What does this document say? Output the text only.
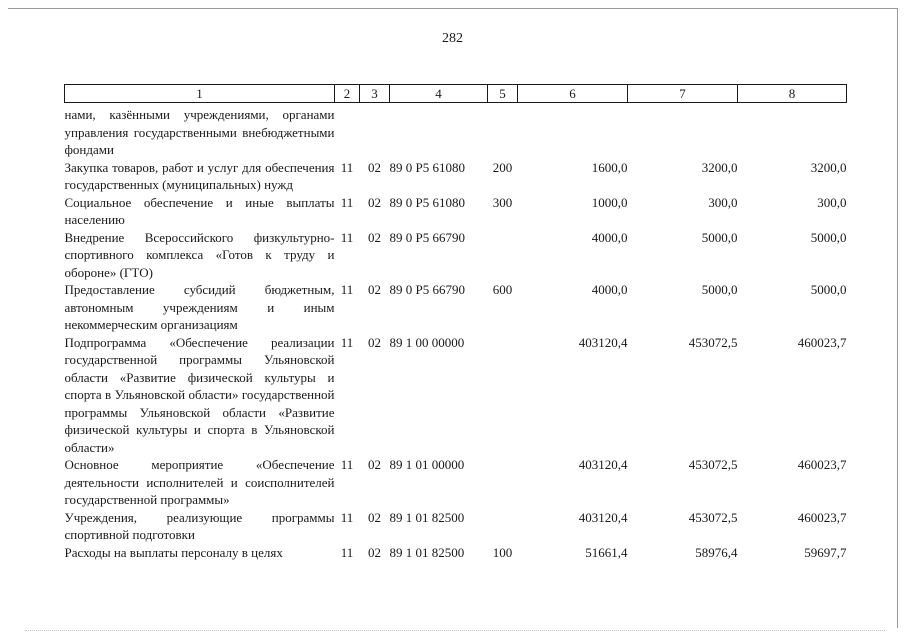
282
1	2	3	4	5	6	7	8

нами, казёнными учреждениями, органами управления государственными внебюджетными фондами							
Закупка товаров, работ и услуг для обеспечения государственных (муниципальных) нужд	11	02	89 0 P5 61080	200	1600,0	3200,0	3200,0
Социальное обеспечение и иные выплаты населению	11	02	89 0 P5 61080	300	1000,0	300,0	300,0
Внедрение Всероссийского физкультурно-спортивного комплекса «Готов к труду и обороне» (ГТО)	11	02	89 0 P5 66790		4000,0	5000,0	5000,0
Предоставление субсидий бюджетным, автономным учреждениям и иным некоммерческим организациям	11	02	89 0 P5 66790	600	4000,0	5000,0	5000,0
Подпрограмма «Обеспечение реализации государственной программы Ульяновской области «Развитие физической культуры и спорта в Ульяновской области» государственной программы Ульяновской области «Развитие физической культуры и спорта в Ульяновской области»	11	02	89 1 00 00000		403120,4	453072,5	460023,7
Основное мероприятие «Обеспечение деятельности исполнителей и соисполнителей государственной программы»	11	02	89 1 01 00000		403120,4	453072,5	460023,7
Учреждения, реализующие программы спортивной подготовки	11	02	89 1 01 82500		403120,4	453072,5	460023,7
Расходы на выплаты персоналу в целях	11	02	89 1 01 82500	100	51661,4	58976,4	59697,7
